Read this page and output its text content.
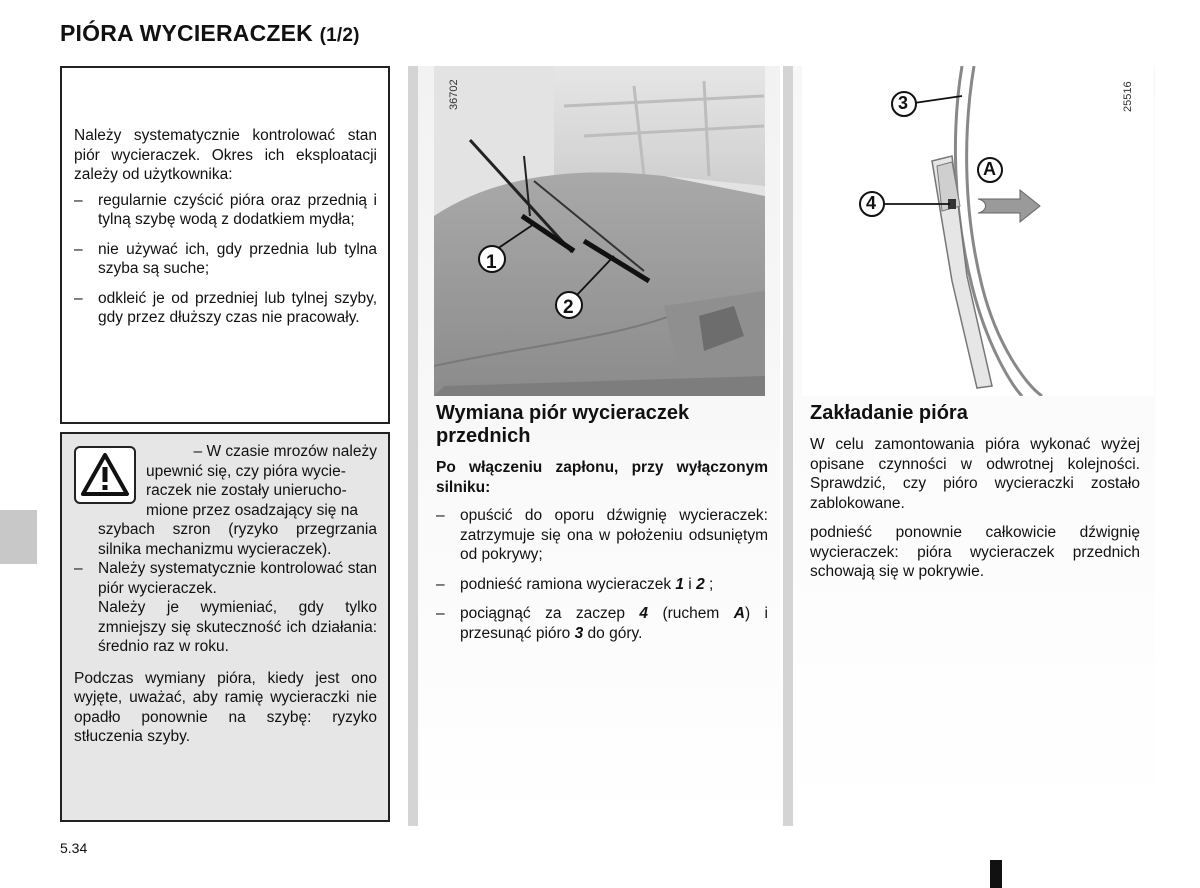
PIÓRA WYCIERACZEK (1/2)
Należy systematycznie kontrolować stan piór wycieraczek. Okres ich eksploatacji zależy od użytkownika:
– regularnie czyścić pióra oraz przednią i tylną szybę wodą z dodatkiem mydła;
– nie używać ich, gdy przednia lub tylna szyba są suche;
– odkleić je od przedniej lub tylnej szyby, gdy przez dłuższy czas nie pracowały.
– W czasie mrozów należy
upewnić się, czy pióra wycie-
raczek nie zostały unierucho-
mione przez osadzający się na
szybach szron (ryzyko przegrzania silnika mechanizmu wycieraczek).
– Należy systematycznie kontrolować stan piór wycieraczek.
Należy je wymieniać, gdy tylko zmniejszy się skuteczność ich działania: średnio raz w roku.
Podczas wymiany pióra, kiedy jest ono wyjęte, uważać, aby ramię wycieraczki nie opadło ponownie na szybę: ryzyko stłuczenia szyby.
1
2
36702	3
4
A
25516
Wymiana piór wycieraczek przednich
Po włączeniu zapłonu, przy wyłączonym silniku:
– opuścić do oporu dźwignię wycieraczek: zatrzymuje się ona w położeniu odsuniętym od pokrywy;
– podnieść ramiona wycieraczek 1 i 2 ;
– pociągnąć za zaczep 4 (ruchem A) i przesunąć pióro 3 do góry.
Zakładanie pióra
W celu zamontowania pióra wykonać wyżej opisane czynności w odwrotnej kolejności. Sprawdzić, czy pióro wycieraczki zostało zablokowane.
podnieść ponownie całkowicie dźwignię wycieraczek: pióra wycieraczek przednich schowają się w pokrywie.
5.34
